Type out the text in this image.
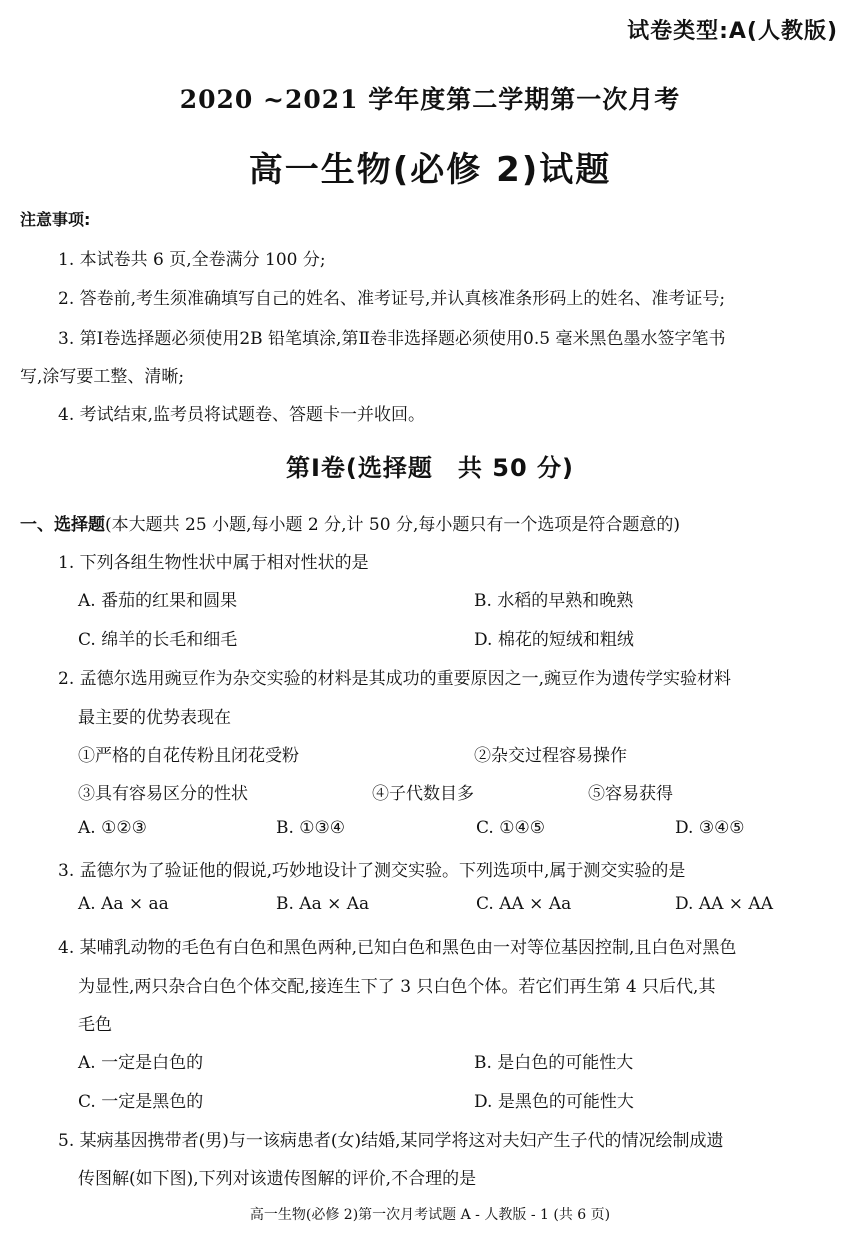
试卷类型:A(人教版)
2020 ~2021 学年度第二学期第一次月考
高一生物(必修 2)试题
注意事项:
1. 本试卷共 6 页,全卷满分 100 分;
2. 答卷前,考生须准确填写自己的姓名、准考证号,并认真核准条形码上的姓名、准考证号;
3. 第Ⅰ卷选择题必须使用2B 铅笔填涂,第Ⅱ卷非选择题必须使用0.5 毫米黑色墨水签字笔书
写,涂写要工整、清晰;
4. 考试结束,监考员将试题卷、答题卡一并收回。
第Ⅰ卷(选择题　共 50 分)
一、选择题(本大题共 25 小题,每小题 2 分,计 50 分,每小题只有一个选项是符合题意的)
1. 下列各组生物性状中属于相对性状的是
A. 番茄的红果和圆果	B. 水稻的早熟和晚熟
C. 绵羊的长毛和细毛	D. 棉花的短绒和粗绒
2. 孟德尔选用豌豆作为杂交实验的材料是其成功的重要原因之一,豌豆作为遗传学实验材料
最主要的优势表现在
①严格的自花传粉且闭花受粉	②杂交过程容易操作
③具有容易区分的性状	④子代数目多	⑤容易获得
A. ①②③	B. ①③④	C. ①④⑤	D. ③④⑤
3. 孟德尔为了验证他的假说,巧妙地设计了测交实验。下列选项中,属于测交实验的是
A. Aa × aa	B. Aa × Aa	C. AA × Aa	D. AA × AA
4. 某哺乳动物的毛色有白色和黑色两种,已知白色和黑色由一对等位基因控制,且白色对黑色
为显性,两只杂合白色个体交配,接连生下了 3 只白色个体。若它们再生第 4 只后代,其
毛色
A. 一定是白色的	B. 是白色的可能性大
C. 一定是黑色的	D. 是黑色的可能性大
5. 某病基因携带者(男)与一该病患者(女)结婚,某同学将这对夫妇产生子代的情况绘制成遗
传图解(如下图),下列对该遗传图解的评价,不合理的是
高一生物(必修 2)第一次月考试题 A - 人教版 - 1 (共 6 页)
